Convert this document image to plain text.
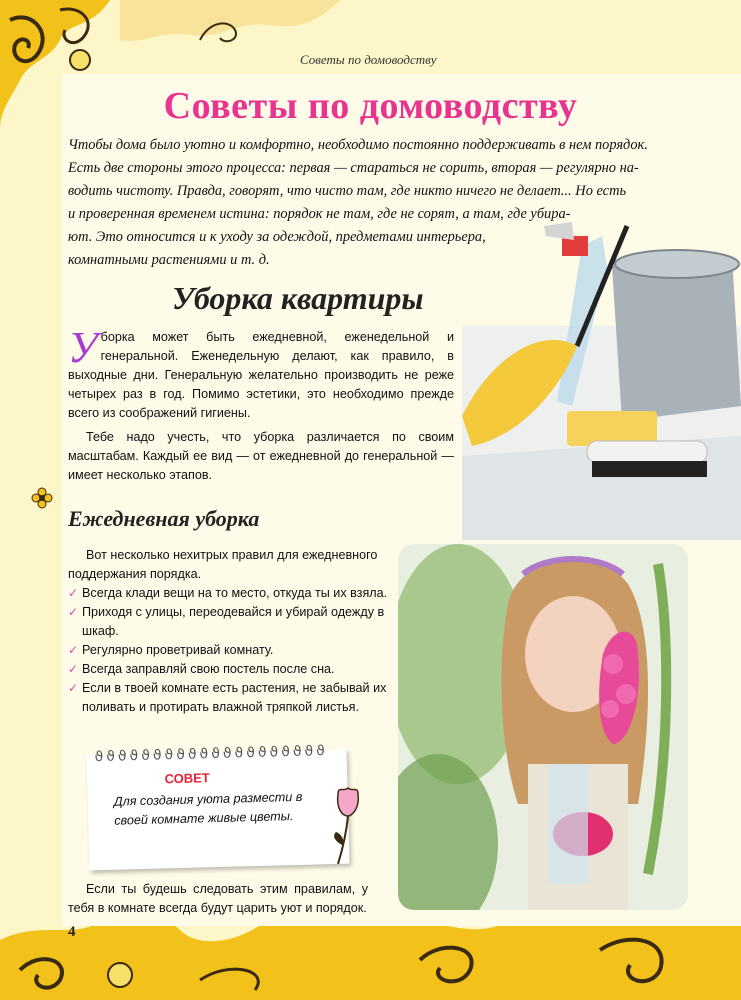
Советы по домоводству
Советы по домоводству

Чтобы дома было уютно и комфортно, необходимо постоянно поддерживать в нем порядок.
Есть две стороны этого процесса: первая — стараться не сорить, вторая — регулярно на-
водить чистоту. Правда, говорят, что чисто там, где никто ничего не делает... Но есть
и проверенная временем истина: порядок не там, где не сорят, а там, где убира-
ют. Это относится и к уходу за одеждой, предметами интерьера,
комнатными растениями и т. д.

Уборка квартиры

Уборка может быть ежедневной, еженедельной и генеральной. Еженедельную делают, как правило, в выходные дни. Генеральную желательно производить не реже четырех раз в год. Помимо эстетики, это необходимо прежде всего из соображений гигиены.

Тебе надо учесть, что уборка различается по своим масштабам. Каждый ее вид — от ежедневной до генеральной — имеет несколько этапов.

Ежедневная уборка

Вот несколько нехитрых правил для ежедневного поддержания порядка.

✓ Всегда клади вещи на то место, откуда ты их взяла.
✓ Приходя с улицы, переодевайся и убирай одежду в шкаф.
✓ Регулярно проветривай комнату.
✓ Всегда заправляй свою постель после сна.
✓ Если в твоей комнате есть растения, не забывай их поливать и протирать влажной тряпкой листья.
ϑϑϑϑϑϑϑϑϑϑϑϑϑϑϑϑϑϑϑϑ

СОВЕТ

Для создания уюта размести в своей комнате живые цветы.

Если ты будешь следовать этим правилам, у тебя в комнате всегда будут царить уют и порядок.

4
